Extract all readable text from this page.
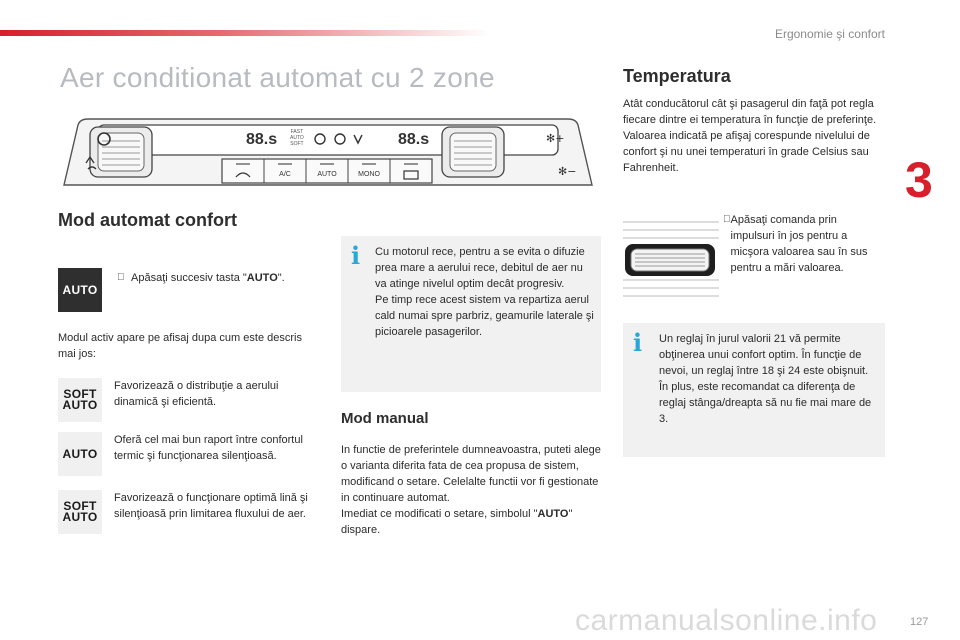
Ergonomie şi confort
3
Aer conditionat automat cu 2 zone
✻+
✻−
88.s	88.s
FAST
AUTO
SOFT
A/C	AUTO	MONO
Mod automat confort
AUTO
Apăsaţi succesiv tasta "AUTO".
Modul activ apare pe afisaj dupa cum este descris mai jos:
SOFT
AUTO
Favorizează o distribuţie a aerului dinamică şi eficientă.
AUTO
Oferă cel mai bun raport între confortul termic şi funcţionarea silenţioasă.
SOFT
AUTO
Favorizează o funcţionare optimă lină şi silenţioasă prin limitarea fluxului de aer.
i	Cu motorul rece, pentru a se evita o difuzie prea mare a aerului rece, debitul de aer nu va atinge nivelul optim decât progresiv.
Pe timp rece acest sistem va repartiza aerul cald numai spre parbriz, geamurile laterale şi picioarele pasagerilor.
Mod manual
In functie de preferintele dumneavoastra, puteti alege o varianta diferita fata de cea propusa de sistem, modificand o setare. Celelalte functii vor fi gestionate in continuare automat.
Imediat ce modificati o setare, simbolul "AUTO"
dispare.
Temperatura
Atât conducătorul cât şi pasagerul din faţă pot regla fiecare dintre ei temperatura în funcţie de preferinţe.
Valoarea indicată pe afişaj corespunde nivelului de confort şi nu unei temperaturi în grade Celsius sau Fahrenheit.
Apăsaţi comanda prin impulsuri în jos pentru a micşora valoarea sau în sus pentru a mări valoarea.
i	Un reglaj în jurul valorii 21 vă permite obţinerea unui confort optim. În funcţie de nevoi, un reglaj între 18 şi 24 este obişnuit.
În plus, este recomandat ca diferenţa de reglaj stânga/dreapta să nu fie mai mare de 3.
carmanualsonline.info	127
